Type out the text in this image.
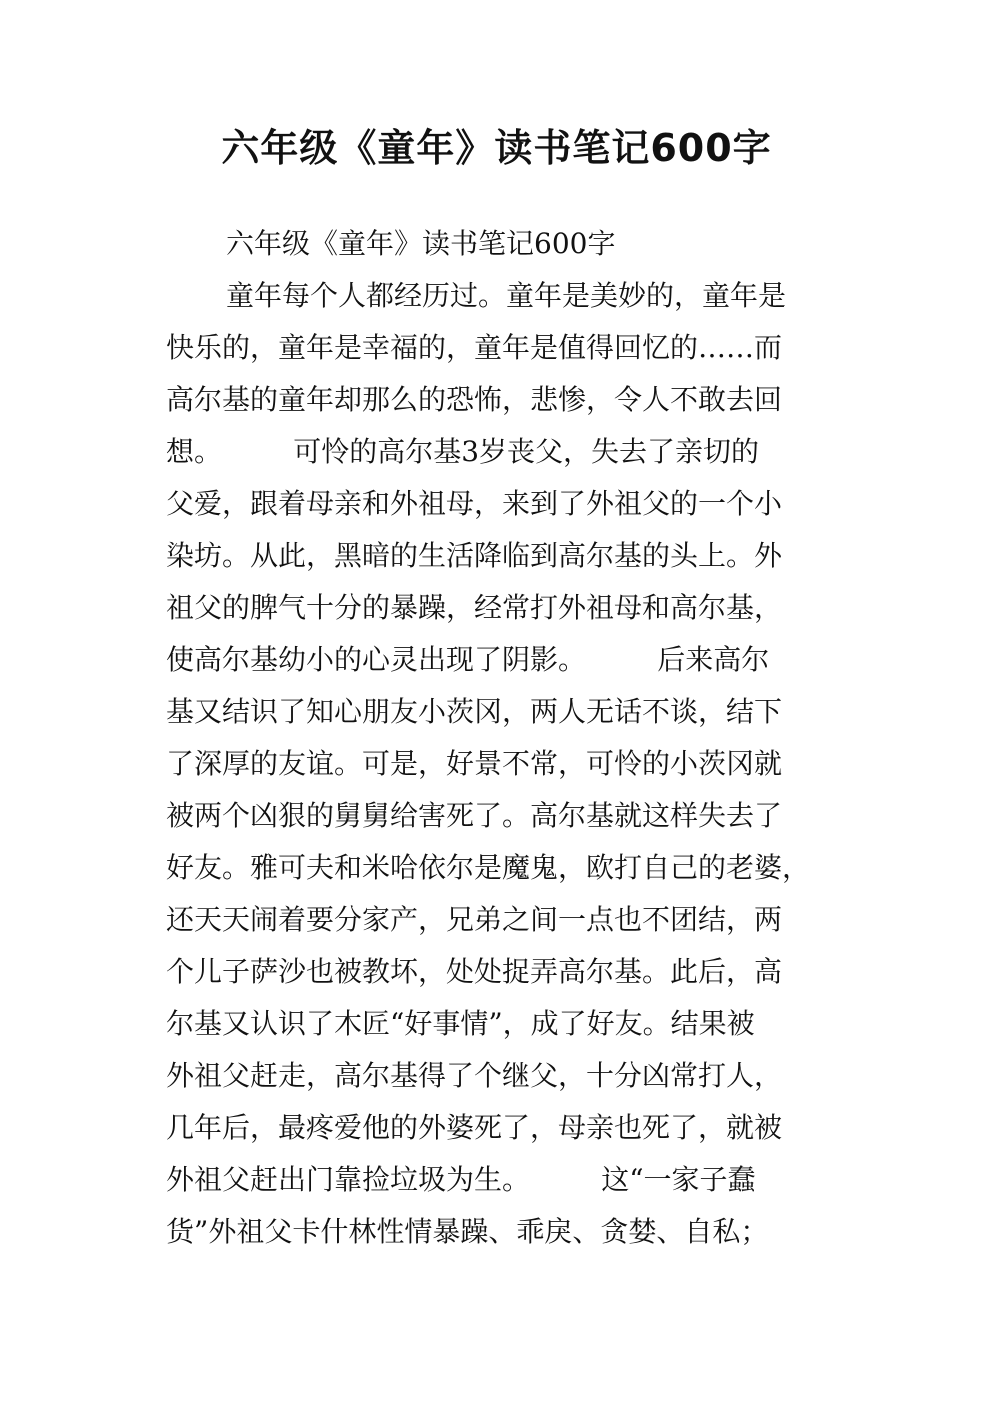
六年级《童年》读书笔记600字
六年级《童年》读书笔记600字
童年每个人都经历过。童年是美妙的，童年是
快乐的，童年是幸福的，童年是值得回忆的……而
高尔基的童年却那么的恐怖，悲惨，令人不敢去回
想。        可怜的高尔基3岁丧父，失去了亲切的
父爱，跟着母亲和外祖母，来到了外祖父的一个小
染坊。从此，黑暗的生活降临到高尔基的头上。外
祖父的脾气十分的暴躁，经常打外祖母和高尔基，
使高尔基幼小的心灵出现了阴影。        后来高尔
基又结识了知心朋友小茨冈，两人无话不谈，结下
了深厚的友谊。可是，好景不常，可怜的小茨冈就
被两个凶狠的舅舅给害死了。高尔基就这样失去了
好友。雅可夫和米哈依尔是魔鬼，欧打自己的老婆，
还天天闹着要分家产，兄弟之间一点也不团结，两
个儿子萨沙也被教坏，处处捉弄高尔基。此后，高
尔基又认识了木匠“好事情”，成了好友。结果被
外祖父赶走，高尔基得了个继父，十分凶常打人，
几年后，最疼爱他的外婆死了，母亲也死了，就被
外祖父赶出门靠捡垃圾为生。        这“一家子蠢
货”外祖父卡什林性情暴躁、乖戾、贪婪、自私；
